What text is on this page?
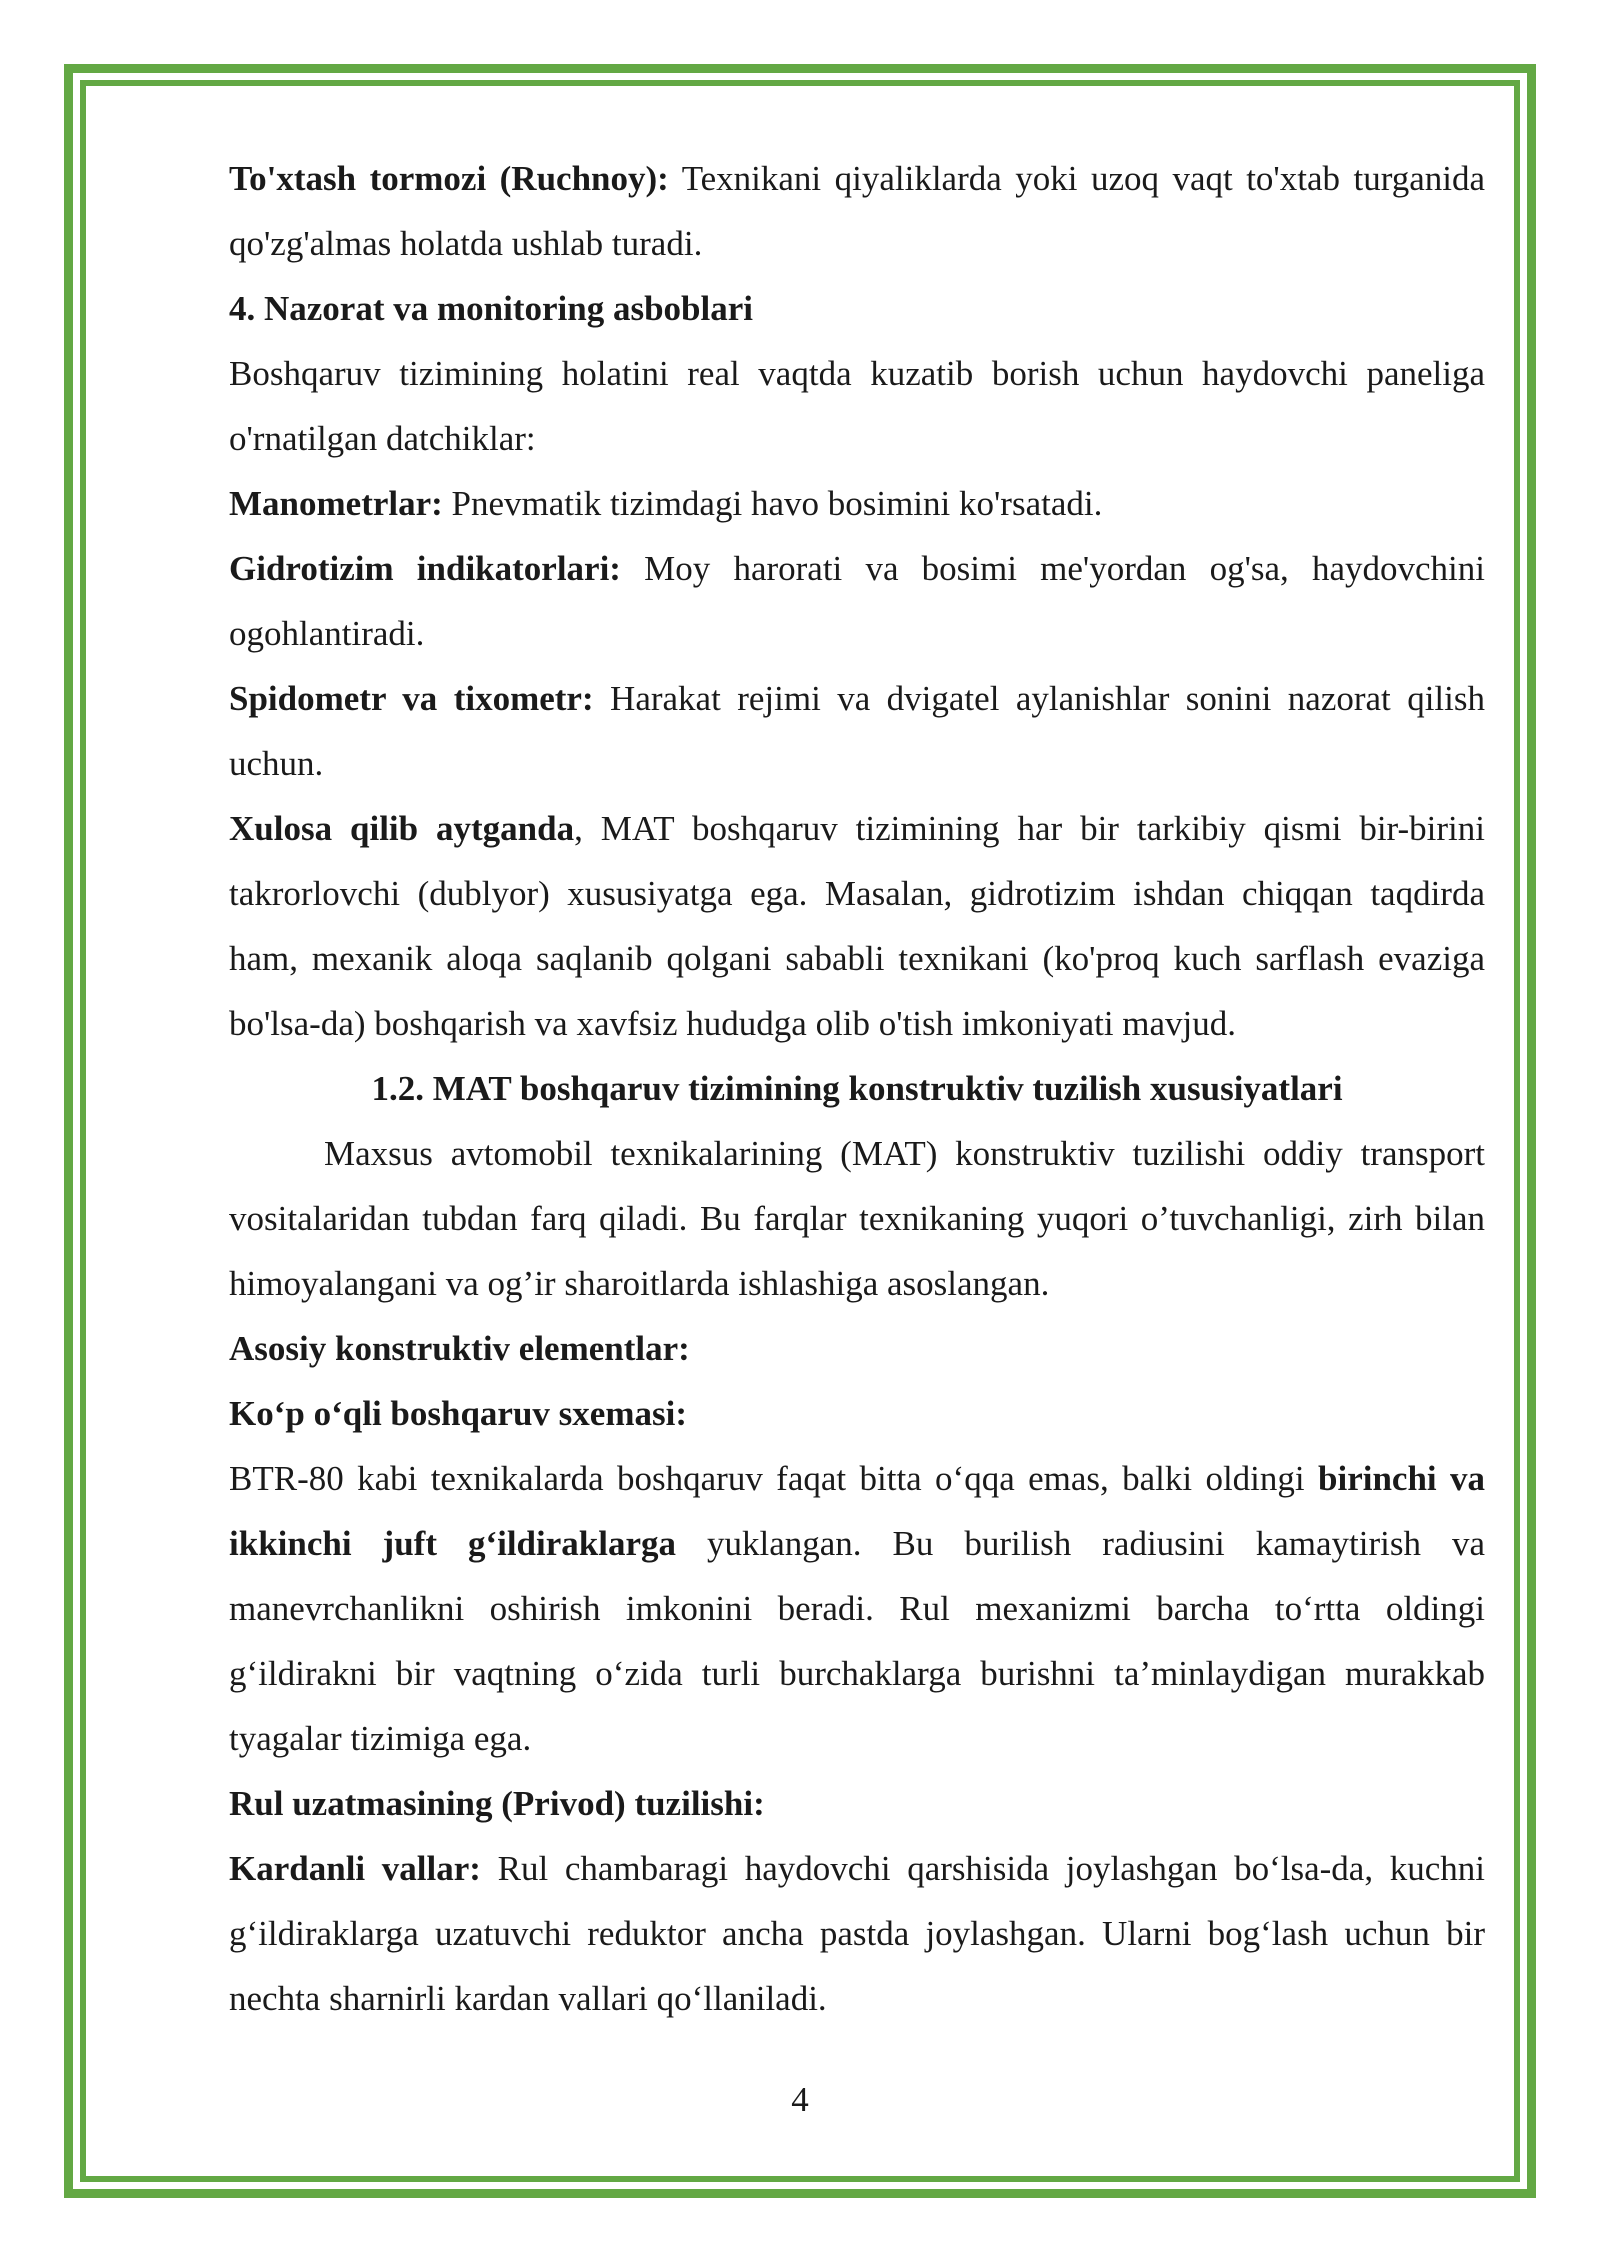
To'xtash tormozi (Ruchnoy): Texnikani qiyaliklarda yoki uzoq vaqt to'xtab turganida qo'zg'almas holatda ushlab turadi.

4. Nazorat va monitoring asboblari

Boshqaruv tizimining holatini real vaqtda kuzatib borish uchun haydovchi paneliga o'rnatilgan datchiklar:

Manometrlar: Pnevmatik tizimdagi havo bosimini ko'rsatadi.

Gidrotizim indikatorlari: Moy harorati va bosimi me'yordan og'sa, haydovchini ogohlantiradi.

Spidometr va tixometr: Harakat rejimi va dvigatel aylanishlar sonini nazorat qilish uchun.

Xulosa qilib aytganda, MAT boshqaruv tizimining har bir tarkibiy qismi bir-birini takrorlovchi (dublyor) xususiyatga ega. Masalan, gidrotizim ishdan chiqqan taqdirda ham, mexanik aloqa saqlanib qolgani sababli texnikani (ko'proq kuch sarflash evaziga bo'lsa-da) boshqarish va xavfsiz hududga olib o'tish imkoniyati mavjud.

1.2. MAT boshqaruv tizimining konstruktiv tuzilish xususiyatlari

Maxsus avtomobil texnikalarining (MAT) konstruktiv tuzilishi oddiy transport vositalaridan tubdan farq qiladi. Bu farqlar texnikaning yuqori o’tuvchanligi, zirh bilan himoyalangani va og’ir sharoitlarda ishlashiga asoslangan.

Asosiy konstruktiv elementlar:

Ko‘p o‘qli boshqaruv sxemasi:

BTR-80 kabi texnikalarda boshqaruv faqat bitta o‘qqa emas, balki oldingi birinchi va ikkinchi juft g‘ildiraklarga yuklangan. Bu burilish radiusini kamaytirish va manevrchanlikni oshirish imkonini beradi. Rul mexanizmi barcha to‘rtta oldingi g‘ildirakni bir vaqtning o‘zida turli burchaklarga burishni ta’minlaydigan murakkab tyagalar tizimiga ega.

Rul uzatmasining (Privod) tuzilishi:

Kardanli vallar: Rul chambaragi haydovchi qarshisida joylashgan bo‘lsa-da, kuchni g‘ildiraklarga uzatuvchi reduktor ancha pastda joylashgan. Ularni bog‘lash uchun bir nechta sharnirli kardan vallari qo‘llaniladi.

4
